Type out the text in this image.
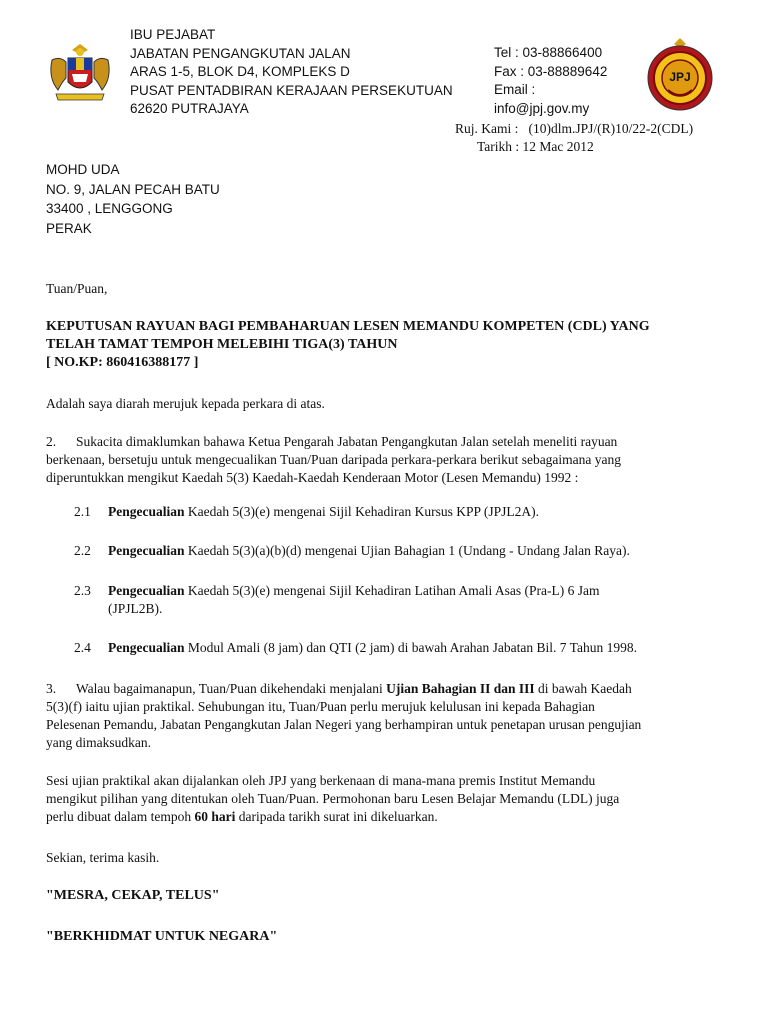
IBU PEJABAT
JABATAN PENGANGKUTAN JALAN
ARAS 1-5, BLOK D4, KOMPLEKS D
PUSAT PENTADBIRAN KERAJAAN PERSEKUTUAN
62620 PUTRAJAYA
Tel : 03-88866400
Fax : 03-88889642
Email :
info@jpj.gov.my
JPJ
Ruj. Kami :   (10)dlm.JPJ/(R)10/22-2(CDL)
Tarikh : 12 Mac 2012
MOHD UDA
NO. 9, JALAN PECAH BATU
33400 , LENGGONG
PERAK
Tuan/Puan,
KEPUTUSAN RAYUAN BAGI PEMBAHARUAN LESEN MEMANDU KOMPETEN (CDL) YANG
TELAH TAMAT TEMPOH MELEBIHI TIGA(3) TAHUN
[ NO.KP: 860416388177 ]
Adalah saya diarah merujuk kepada perkara di atas.
2. Sukacita dimaklumkan bahawa Ketua Pengarah Jabatan Pengangkutan Jalan setelah meneliti rayuan
berkenaan, bersetuju untuk mengecualikan Tuan/Puan daripada perkara-perkara berikut sebagaimana yang
diperuntukkan mengikut Kaedah 5(3) Kaedah-Kaedah Kenderaan Motor (Lesen Memandu) 1992 :
2.1 Pengecualian Kaedah 5(3)(e) mengenai Sijil Kehadiran Kursus KPP (JPJL2A).
2.2 Pengecualian Kaedah 5(3)(a)(b)(d) mengenai Ujian Bahagian 1 (Undang - Undang Jalan Raya).
2.3 Pengecualian Kaedah 5(3)(e) mengenai Sijil Kehadiran Latihan Amali Asas (Pra-L) 6 Jam
(JPJL2B).
2.4 Pengecualian Modul Amali (8 jam) dan QTI (2 jam) di bawah Arahan Jabatan Bil. 7 Tahun 1998.
3. Walau bagaimanapun, Tuan/Puan dikehendaki menjalani Ujian Bahagian II dan III di bawah Kaedah
5(3)(f) iaitu ujian praktikal. Sehubungan itu, Tuan/Puan perlu merujuk kelulusan ini kepada Bahagian
Pelesenan Pemandu, Jabatan Pengangkutan Jalan Negeri yang berhampiran untuk penetapan urusan pengujian
yang dimaksudkan.
Sesi ujian praktikal akan dijalankan oleh JPJ yang berkenaan di mana-mana premis Institut Memandu
mengikut pilihan yang ditentukan oleh Tuan/Puan. Permohonan baru Lesen Belajar Memandu (LDL) juga
perlu dibuat dalam tempoh 60 hari daripada tarikh surat ini dikeluarkan.
Sekian, terima kasih.
"MESRA, CEKAP, TELUS"
"BERKHIDMAT UNTUK NEGARA"
